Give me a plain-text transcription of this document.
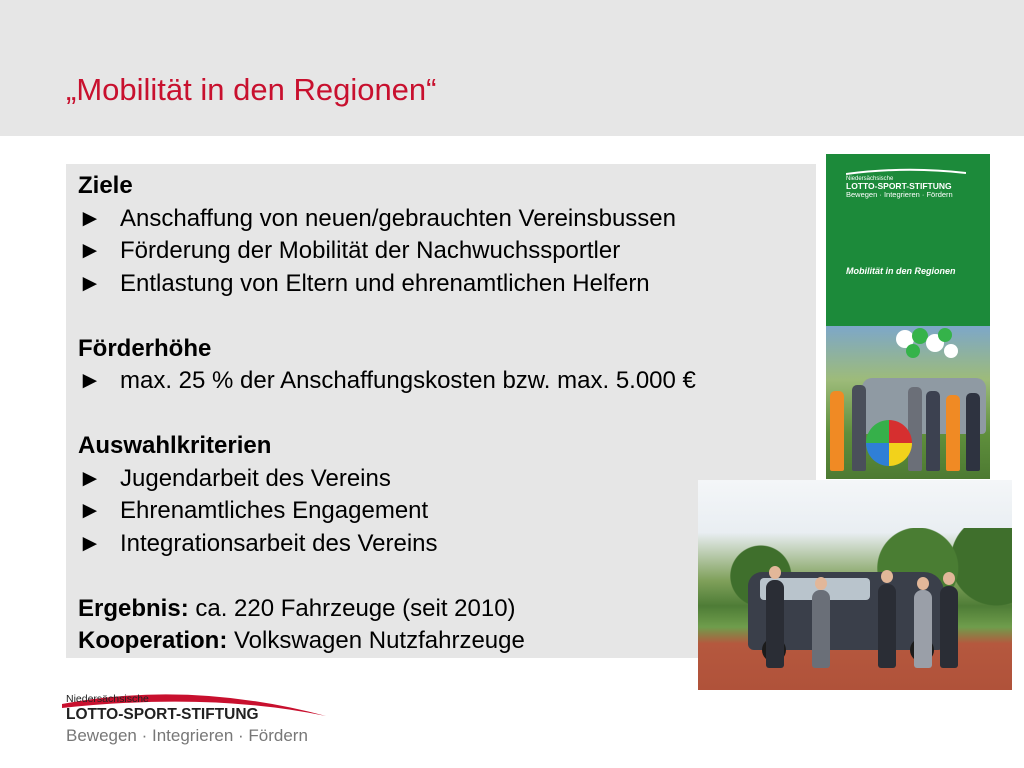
„Mobilität in den Regionen“
Ziele
► Anschaffung von neuen/gebrauchten Vereinsbussen
► Förderung der Mobilität der Nachwuchssportler
► Entlastung von Eltern und ehrenamtlichen Helfern
Förderhöhe
► max. 25 % der Anschaffungskosten bzw. max. 5.000 €
Auswahlkriterien
► Jugendarbeit des Vereins
► Ehrenamtliches Engagement
► Integrationsarbeit des Vereins
Ergebnis: ca. 220 Fahrzeuge (seit 2010)
Kooperation: Volkswagen Nutzfahrzeuge
Niedersächsische
LOTTO-SPORT-STIFTUNG
Bewegen · Integrieren · Fördern
Mobilität in den Regionen
Niedersächsische
LOTTO-SPORT-STIFTUNG
Bewegen · Integrieren · Fördern
